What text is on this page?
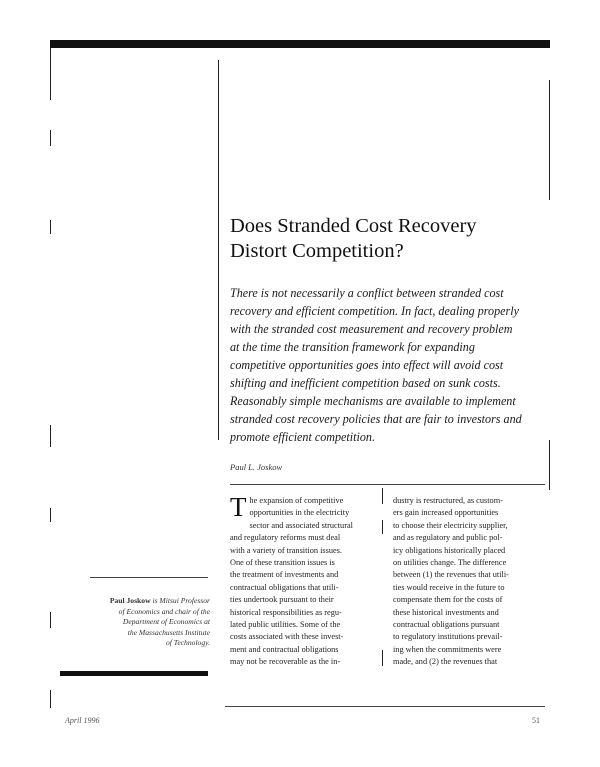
Does Stranded Cost Recovery
Distort Competition?
There is not necessarily a conflict between stranded cost
recovery and efficient competition. In fact, dealing properly
with the stranded cost measurement and recovery problem
at the time the transition framework for expanding
competitive opportunities goes into effect will avoid cost
shifting and inefficient competition based on sunk costs.
Reasonably simple mechanisms are available to implement
stranded cost recovery policies that are fair to investors and
promote efficient competition.
Paul L. Joskow
T he expansion of competitive
opportunities in the electricity
sector and associated structural
and regulatory reforms must deal
with a variety of transition issues.
One of these transition issues is
the treatment of investments and
contractual obligations that utili-
ties undertook pursuant to their
historical responsibilities as regu-
lated public utilities. Some of the
costs associated with these invest-
ment and contractual obligations
may not be recoverable as the in-
dustry is restructured, as custom-
ers gain increased opportunities
to choose their electricity supplier,
and as regulatory and public pol-
icy obligations historically placed
on utilities change. The difference
between (1) the revenues that utili-
ties would receive in the future to
compensate them for the costs of
these historical investments and
contractual obligations pursuant
to regulatory institutions prevail-
ing when the commitments were
made, and (2) the revenues that
Paul Joskow is Mitsui Professor
of Economics and chair of the
Department of Economics at
the Massachusetts Institute
of Technology.
April 1996	51
